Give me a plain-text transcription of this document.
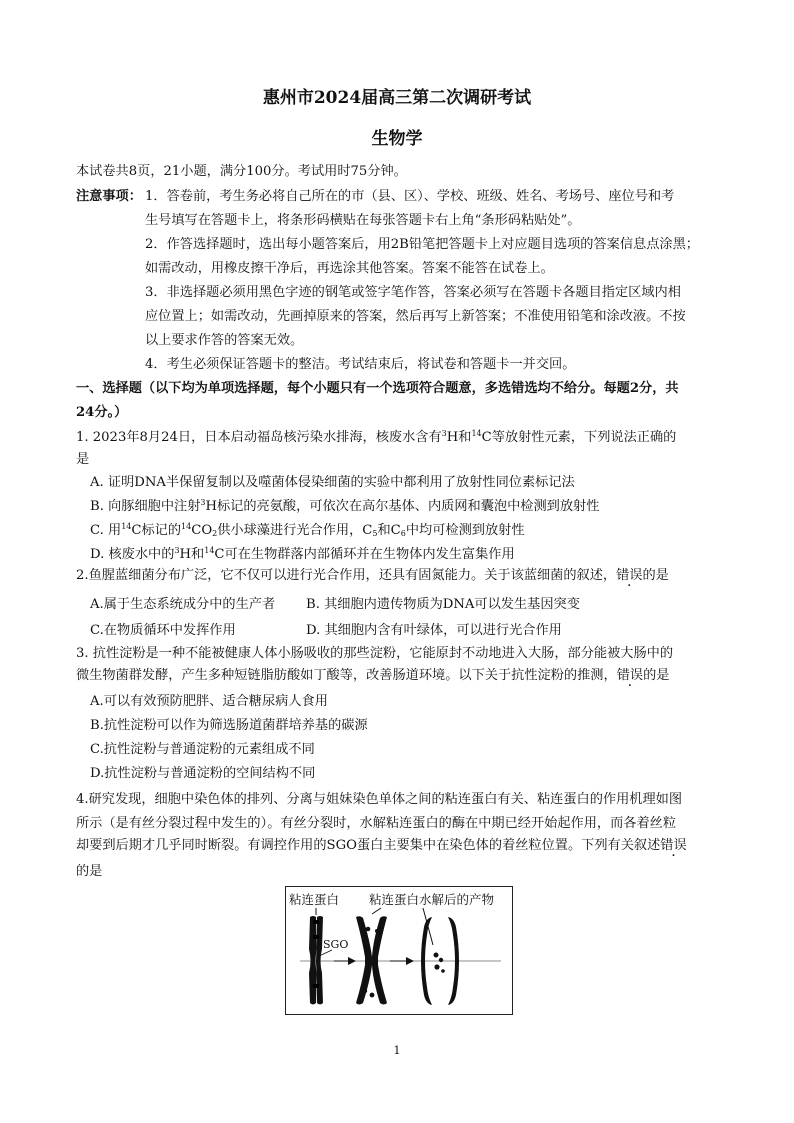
惠州市2024届高三第二次调研考试
生物学
本试卷共8页，21小题，满分100分。考试用时75分钟。
注意事项： 1．答卷前，考生务必将自己所在的市（县、区）、学校、班级、姓名、考场号、座位号和考
生号填写在答题卡上，将条形码横贴在每张答题卡右上角“条形码粘贴处”。
2．作答选择题时，选出每小题答案后，用2B铅笔把答题卡上对应题目选项的答案信息点涂黑；
如需改动，用橡皮擦干净后，再选涂其他答案。答案不能答在试卷上。
3．非选择题必须用黑色字迹的钢笔或签字笔作答，答案必须写在答题卡各题目指定区域内相
应位置上；如需改动，先画掉原来的答案，然后再写上新答案；不准使用铅笔和涂改液。不按
以上要求作答的答案无效。
4．考生必须保证答题卡的整洁。考试结束后，将试卷和答题卡一并交回。
一、选择题（以下均为单项选择题，每个小题只有一个选项符合题意，多选错选均不给分。每题2分，共
24分。）
1. 2023年8月24日，日本启动福岛核污染水排海，核废水含有$^3$H和$^{14}$C等放射性元素，下列说法正确的
是
A. 证明DNA半保留复制以及噬菌体侵染细菌的实验中都利用了放射性同位素标记法
B. 向豚细胞中注射$^3$H标记的亮氨酸，可依次在高尔基体、内质网和囊泡中检测到放射性
C. 用$^{14}$C标记的$^{14}CO_2$供小球藻进行光合作用，$C_5$和$C_6$中均可检测到放射性
D. 核废水中的$^3$H和$^{14}$C可在生物群落内部循环并在生物体内发生富集作用
2.鱼腥蓝细菌分布广泛，它不仅可以进行光合作用，还具有固氮能力。关于该蓝细菌的叙述，错误的是
A.属于生态系统成分中的生产者 B. 其细胞内遗传物质为DNA可以发生基因突变
C.在物质循环中发挥作用	D. 其细胞内含有叶绿体，可以进行光合作用
3. 抗性淀粉是一种不能被健康人体小肠吸收的那些淀粉，它能原封不动地进入大肠，部分能被大肠中的
微生物菌群发酵，产生多种短链脂肪酸如丁酸等，改善肠道环境。以下关于抗性淀粉的推测，错误的是
A.可以有效预防肥胖、适合糖尿病人食用
B.抗性淀粉可以作为筛选肠道菌群培养基的碳源
C.抗性淀粉与普通淀粉的元素组成不同
D.抗性淀粉与普通淀粉的空间结构不同
4.研究发现，细胞中染色体的排列、分离与姐妹染色单体之间的粘连蛋白有关、粘连蛋白的作用机理如图
所示（是有丝分裂过程中发生的）。有丝分裂时，水解粘连蛋白的酶在中期已经开始起作用，而各着丝粒
却要到后期才几乎同时断裂。有调控作用的SGO蛋白主要集中在染色体的着丝粒位置。下列有关叙述错误
的是
粘连蛋白 粘连蛋白水解后的产物
SGO
1
